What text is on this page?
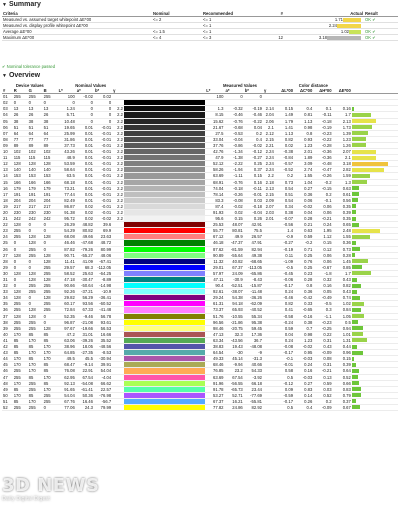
▼ Summary
Criteria	Nominal	Recommended	#	Actual	Result
Measured vs. assumed target whitepoint ΔE*00	<= 2	<= 1		1.71	OK ✔
Measured vs. display profile whitepoint ΔE*00		<= 1		2.24	
Average ΔE*00	<= 1.5	<= 1		1.02	OK ✔
Maximum ΔE*00	<= 4	<= 3	12	3.18	OK ✔
✔ Nominal tolerance passed
▼ Overview
Device Values				Nominal Values						Measured Values				Color distance				
#	R	G	B	L*	a*	b*	γ			L*	a*	b*	γ	ΔL*00	ΔC*00	ΔH*00	ΔE*00	
01	255	255	255	100	-0.02	0.02				100	0	0						
02	0	0	0	0	0	0												
03	13	13	13	1.24	0	0	2.2			1.3	-0.32	-0.19	2.14	0.15	0.4	0.1	0.16	

04	26	26	26	5.71	0	0	2.2			8.15	-0.46	-0.46	2.04	1.49	0.81	-0.11	1.7	

05	38	38	38	10.48	0	0	2.2			15.62	-0.76	-0.22	2.06	1.79	1.13	-0.18	2.13	

06	51	51	51	19.65	0.01	-0.01	2.2			21.67	-0.68	0.04	2.1	1.41	0.98	-0.19	1.73	

07	64	64	64	25.99	0.01	-0.01	2.2			27.5	-0.53	0.2	2.12	1.13	0.8	-0.23	1.39	

08	77	77	77	31.86	0.01	-0.01	2.2			33.04	-0.04	0.4	2.15	0.82	0.93	-0.22	1.23	

09	89	89	89	37.73	0.01	-0.01	2.2			37.76	-0.86	-0.02	2.21	0.02	1.23	-0.28	1.26	

10	102	102	102	43.26	0.01	-0.01	2.2			42.76	-1.34	-0.12	2.24	-0.38	2.01	-0.36	2.07	

11	115	115	115	48.9	0.01	-0.01	2.2			47.9	-1.38	-0.27	2.24	-0.84	1.89	-0.36	2.1	

12	128	128	128	53.59	0.01	-0.01	2.2			52.12	-2.22	0.25	2.24	-0.57	3.09	-0.48	3.18	

13	140	140	140	58.64	0.01	-0.01	2.2			58.26	-1.94	0.37	2.24	-0.52	2.74	-0.47	2.82	

14	153	153	153	63.5	0.01	-0.01	2.2			63.69	-1.11	0.15	2.2	0.2	1.55	-0.26	1.59	

15	166	166	166	68.18	0.01	-0.01	2.2			68.91	-0.76	0.16	2.18	0.73	1.04	-0.2	1.3	

16	179	179	179	73.21	0.01	-0.01	2.2			74.04	-0.18	-0.11	2.13	0.54	0.27	-0.15	0.63	

17	191	191	191	77.44	0.01	-0.01	2.2			78.14	-0.26	-0.01	2.15	0.51	0.36	0.2	0.61	

18	204	204	204	82.49	0.01	-0.01	2.2			83.3	-0.08	0.03	2.09	0.54	0.06	-0.1	0.56	

19	217	217	217	86.87	0.02	-0.01	2.2			87.4	-0.02	-0.18	2.07	0.34	-0.02	0.06	0.35	

20	230	230	230	91.38	0.02	-0.01	2.2			91.93	0.02	-0.04	2.03	0.38	0.04	0.06	0.39	

21	242	242	242	95.72	0.02	-0.02	2.2			95.6	0.15	0.26	2.01	-0.07	0.28	-0.21	0.35	

22	128	0	0	26.29	48.82	39.6				25.53	48.07	42.91		-0.56	0.21	0.24	0.65	

23	255	0	0	54.29	80.82	69.9				55.77	80.81	75.5		1.4	0.63	1.95	2.48	

24	255	128	128	68.08	49.66	23.63				67.12	49.9	26.57		-0.9	0.59	1.12	1.55	

25	0	128	0	46.46	-47.68	48.72				46.18	-47.37	47.91		-0.27	-0.2	0.15	0.36	

26	0	255	0	87.82	-79.26	80.99				87.62	-81.59	82.94		-0.19	0.71	0.12	0.73	

27	128	255	128	90.71	-55.27	48.06				90.89	-55.64	49.38		0.11	0.25	0.06	0.28	

28	0	0	128	11.41	41.09	-67.41				11.32	40.82	-68.65		-1.09	0.76	0.06	1.45	

29	0	0	255	29.57	68.3	-112.05				29.01	67.37	-113.05		-0.5	0.25	-0.67	0.85	

30	128	128	255	58.52	25.63	-64.25				57.97	24.09	-65.86		-0.45	0.23	-1.8	1.7	

31	0	128	128	47.18	-30.47	-8.89				47.11	-30.9	-8.43		-0.06	0.28	0.32	0.43	

32	0	255	255	90.66	-50.64	-14.98				90.4	-52.51	-15.87		-0.17	0.8	0.16	0.82	

33	128	255	255	92.26	-37.21	-10.9				92.61	-38.07	-11.48		0.24	0.36	0.05	0.43	

34	128	0	128	29.82	56.29	-36.41				29.24	54.38	-36.26		-0.46	-0.42	-0.49	0.74	

35	255	0	255	60.17	93.56	-60.52				61.31	94.18	-62.09		0.82	0.33	-0.5	1.02	

36	255	128	255	72.84	67.33	-41.48				73.37	65.93	-40.52		0.41	-0.65	0.3	0.84	

37	128	128	0	52.35	-9.46	56.78				51.76	-10.55	55.34		-0.58	-0.16	-1.1	1.05	

38	255	255	0	96.87	-21.08	93.61				96.56	-21.86	95.38		-0.24	0.38	-0.23	0.5	

39	255	255	128	97.67	-19.66	56.53				98.46	-20.75	59.45		0.59	0.7	-0.25	0.94	

40	170	85	85	47.2	31.01	16.66				47.13	32.3	17.36		0.04	0.98	0.22	1.01	

41	85	170	85	63.06	-39.26	35.52				63.34	-43.56	36.7		0.24	1.23	0.31	1.31	

42	85	85	170	38.96	18.05	-48.56				38.83	19.43	-48.08		-0.08	-0.02	0.43	0.44	

43	85	170	170	64.85	-27.35	-8.53				64.54	-30	-9		-0.17	0.95	-0.09	0.96	

44	170	85	170	49.5	45.5	-30.94				49.33	45.14	-31.3		-0.1	-0.03	0.08	0.15	

45	170	170	85	68.47	-9.14	39.91				68.46	-9.94	40.66		-0.01	0.24	0.31	0.39	

46	255	170	85	76.08	22.91	54.04				76.85	23.2	54.33		0.58	0.16	-0.21	0.64	

47	255	85	170	62.95	67.54	-4.04				63.69	67.54	-3.92		0.5	-0.03	0.13	0.52	

48	170	255	85	92.13	-54.08	66.62				91.96	-56.55	66.18		-0.12	0.27	0.59	0.66	

49	85	255	170	91.65	-61.41	22.57				91.78	-65.73	23.44		0.09	0.83	0.03	0.83	

50	170	85	255	54.04	50.36	-76.98				53.27	52.71	-77.69		-0.59	0.14	0.52	0.79	

51	85	170	255	67.76	16.46	-56.7				67.37	16.21	-55.81		-0.17	0.26	0.2	0.37	

52	255	255	0	77.06	24.3	79.99				77.82	24.86	82.92		0.5	0.4	-0.09	0.67	
3D NEWS
Daily Digital Digest
